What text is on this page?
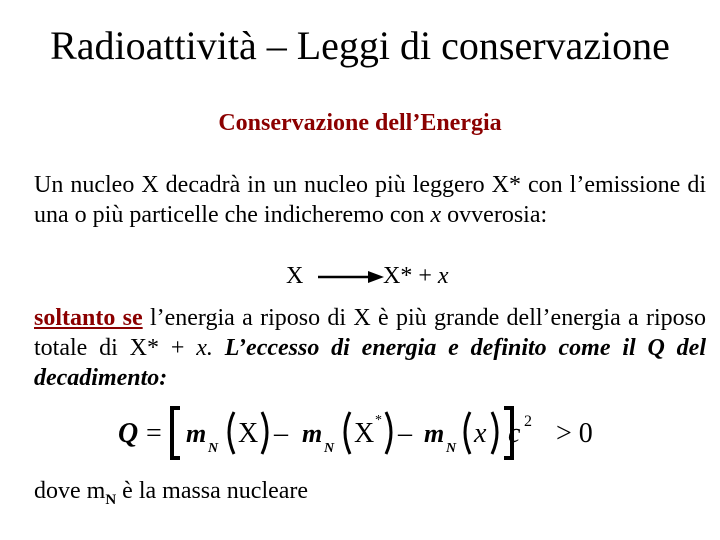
Radioattività – Leggi di conservazione
Conservazione dell’Energia
Un nucleo X decadrà in un nucleo più leggero X* con l’emissione di una o più particelle che indicheremo con x ovverosia:
X → X* + x
soltanto se l’energia a riposo di X è più grande dell’energia a riposo totale di X* + x. L’eccesso di energia e definito come il Q del decadimento:
Q = m
N X – m
N X * – m
N x c 2 > 0
dove $m_N$ è la massa nucleare
